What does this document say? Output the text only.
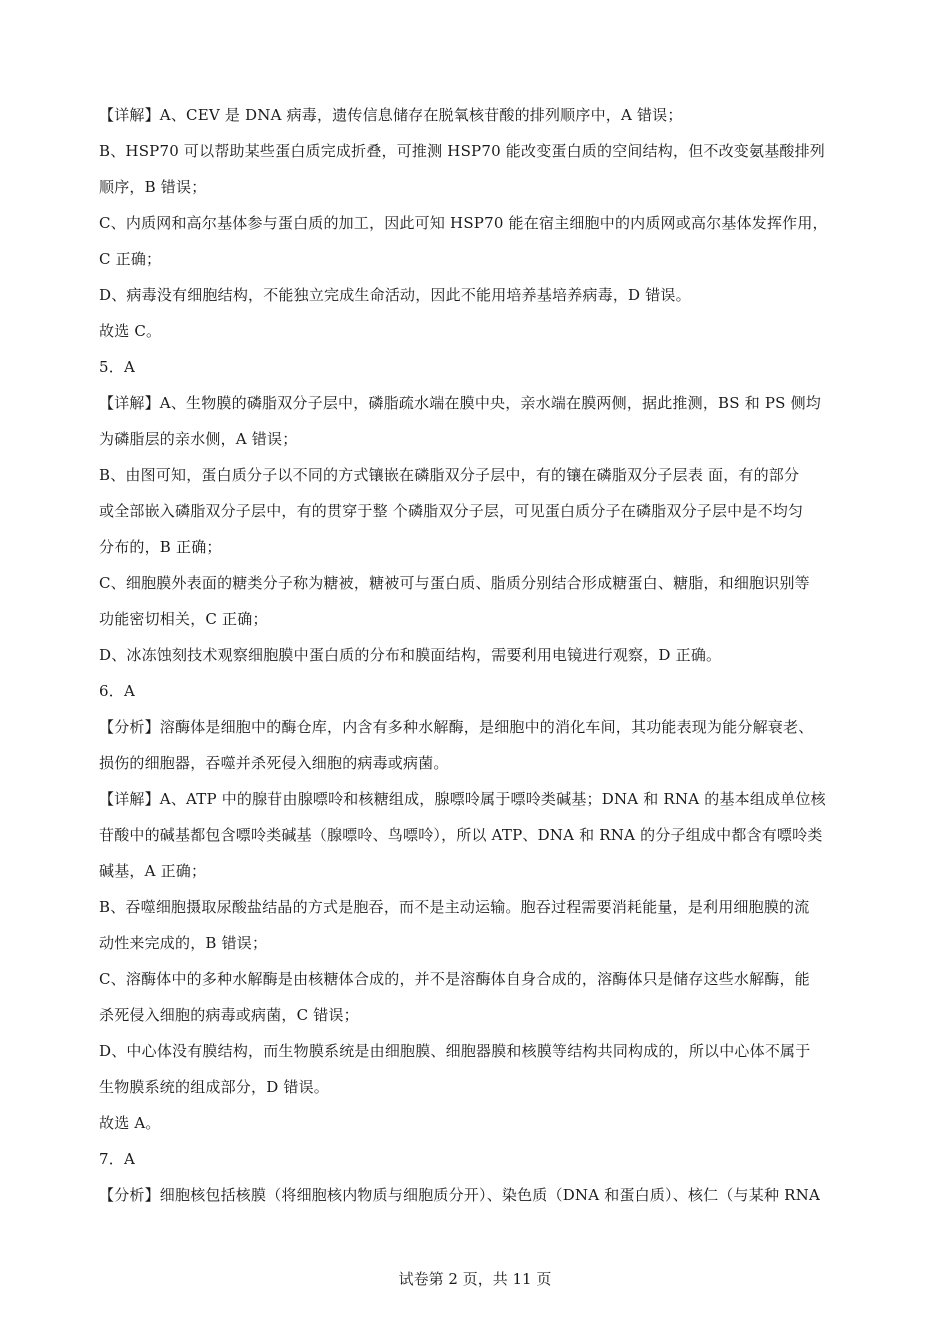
【详解】A、CEV 是 DNA 病毒，遗传信息储存在脱氧核苷酸的排列顺序中，A 错误；
B、HSP70 可以帮助某些蛋白质完成折叠，可推测 HSP70 能改变蛋白质的空间结构，但不改变氨基酸排列
顺序，B 错误；
C、内质网和高尔基体参与蛋白质的加工，因此可知 HSP70 能在宿主细胞中的内质网或高尔基体发挥作用，
C 正确；
D、病毒没有细胞结构，不能独立完成生命活动，因此不能用培养基培养病毒，D 错误。
故选 C。
5．A
【详解】A、生物膜的磷脂双分子层中，磷脂疏水端在膜中央，亲水端在膜两侧，据此推测，BS 和 PS 侧均
为磷脂层的亲水侧，A 错误；
B、由图可知，蛋白质分子以不同的方式镶嵌在磷脂双分子层中，有的镶在磷脂双分子层表 面，有的部分
或全部嵌入磷脂双分子层中，有的贯穿于整 个磷脂双分子层，可见蛋白质分子在磷脂双分子层中是不均匀
分布的，B 正确；
C、细胞膜外表面的糖类分子称为糖被，糖被可与蛋白质、脂质分别结合形成糖蛋白、糖脂，和细胞识别等
功能密切相关，C 正确；
D、冰冻蚀刻技术观察细胞膜中蛋白质的分布和膜面结构，需要利用电镜进行观察，D 正确。
6．A
【分析】溶酶体是细胞中的酶仓库，内含有多种水解酶，是细胞中的消化车间，其功能表现为能分解衰老、
损伤的细胞器，吞噬并杀死侵入细胞的病毒或病菌。
【详解】A、ATP 中的腺苷由腺嘌呤和核糖组成，腺嘌呤属于嘌呤类碱基；DNA 和 RNA 的基本组成单位核
苷酸中的碱基都包含嘌呤类碱基（腺嘌呤、鸟嘌呤），所以 ATP、DNA 和 RNA 的分子组成中都含有嘌呤类
碱基，A 正确；
B、吞噬细胞摄取尿酸盐结晶的方式是胞吞，而不是主动运输。胞吞过程需要消耗能量，是利用细胞膜的流
动性来完成的，B 错误；
C、溶酶体中的多种水解酶是由核糖体合成的，并不是溶酶体自身合成的，溶酶体只是储存这些水解酶，能
杀死侵入细胞的病毒或病菌，C 错误；
D、中心体没有膜结构，而生物膜系统是由细胞膜、细胞器膜和核膜等结构共同构成的，所以中心体不属于
生物膜系统的组成部分，D 错误。
故选 A。
7．A
【分析】细胞核包括核膜（将细胞核内物质与细胞质分开）、染色质（DNA 和蛋白质）、核仁（与某种 RNA
试卷第 2 页，共 11 页
